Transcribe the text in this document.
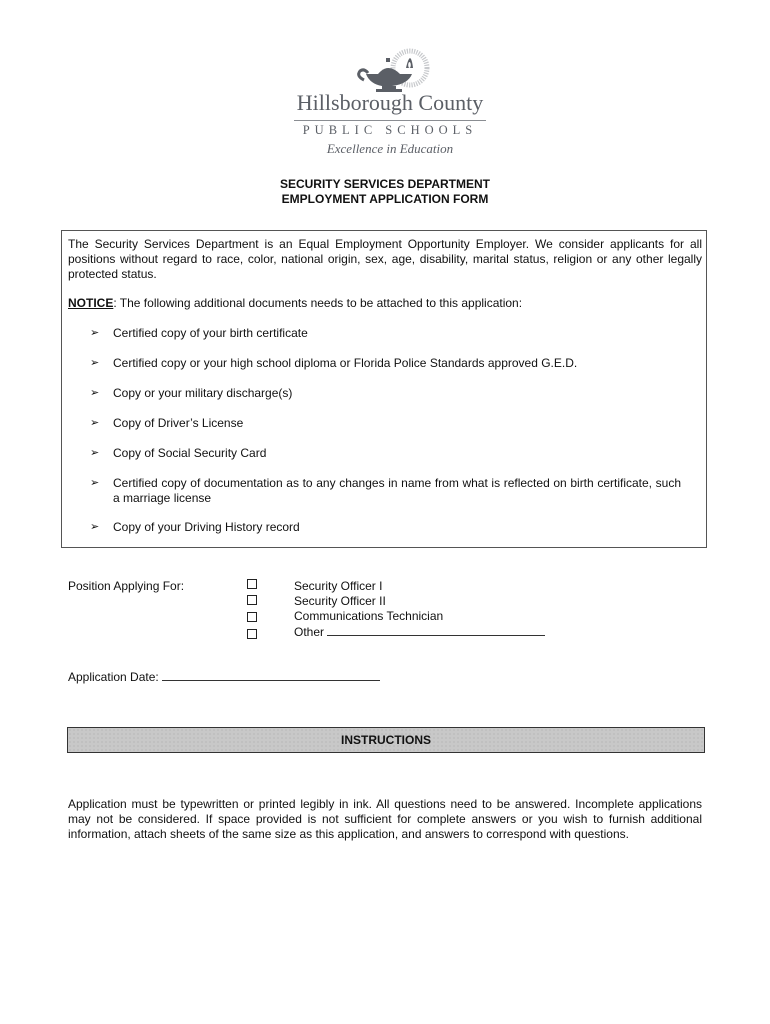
Hillsborough County
PUBLIC SCHOOLS
Excellence in Education
SECURITY SERVICES DEPARTMENT
EMPLOYMENT APPLICATION FORM
The Security Services Department is an Equal Employment Opportunity Employer. We consider applicants for all positions without regard to race, color, national origin, sex, age, disability, marital status, religion or any other legally protected status.
NOTICE: The following additional documents needs to be attached to this application:
➢ Certified copy of your birth certificate
➢ Certified copy or your high school diploma or Florida Police Standards approved G.E.D.
➢ Copy or your military discharge(s)
➢ Copy of Driver’s License
➢ Copy of Social Security Card
➢ Certified copy of documentation as to any changes in name from what is reflected on birth certificate, such a marriage license
➢ Copy of your Driving History record
Position Applying For:	Security Officer I
Security Officer II
Communications Technician
Other
Application Date:
INSTRUCTIONS
Application must be typewritten or printed legibly in ink. All questions need to be answered. Incomplete applications may not be considered. If space provided is not sufficient for complete answers or you wish to furnish additional information, attach sheets of the same size as this application, and answers to correspond with questions.
